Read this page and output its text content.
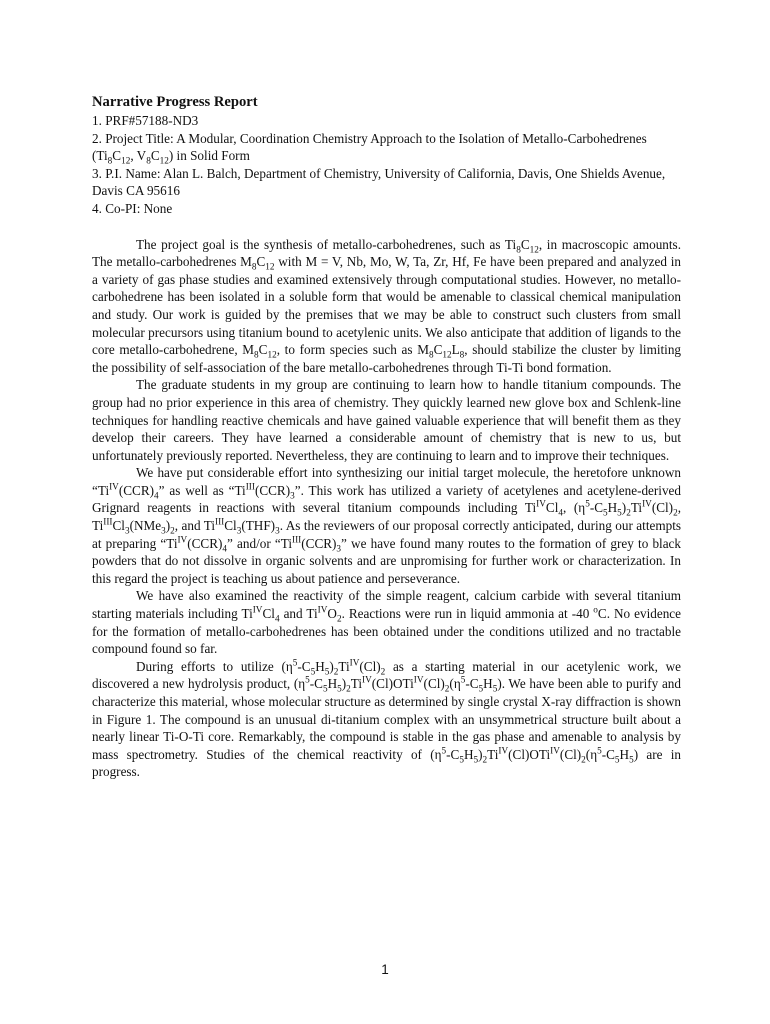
Narrative Progress Report
1. PRF#57188-ND3
2. Project Title: A Modular, Coordination Chemistry Approach to the Isolation of Metallo-Carbohedrenes ($Ti_8C_{12}$, $V_8C_{12}$) in Solid Form
3. P.I. Name: Alan L. Balch, Department of Chemistry, University of California, Davis, One Shields Avenue, Davis CA 95616
4. Co-PI: None

The project goal is the synthesis of metallo-carbohedrenes, such as $Ti_8C_{12}$, in macroscopic amounts. The metallo-carbohedrenes $M_8C_{12}$ with M = V, Nb, Mo, W, Ta, Zr, Hf, Fe have been prepared and analyzed in a variety of gas phase studies and examined extensively through computational studies. However, no metallo-carbohedrene has been isolated in a soluble form that would be amenable to classical chemical manipulation and study. Our work is guided by the premises that we may be able to construct such clusters from small molecular precursors using titanium bound to acetylenic units. We also anticipate that addition of ligands to the core metallo-carbohedrene, $M_8C_{12}$, to form species such as $M_8C_{12}L_8$, should stabilize the cluster by limiting the possibility of self-association of the bare metallo-carbohedrenes through Ti-Ti bond formation.

The graduate students in my group are continuing to learn how to handle titanium compounds. The group had no prior experience in this area of chemistry. They quickly learned new glove box and Schlenk-line techniques for handling reactive chemicals and have gained valuable experience that will benefit them as they develop their careers. They have learned a considerable amount of chemistry that is new to us, but unfortunately previously reported. Nevertheless, they are continuing to learn and to improve their techniques.

We have put considerable effort into synthesizing our initial target molecule, the heretofore unknown “$Ti^{IV}(CCR)_4$” as well as “$Ti^{III}(CCR)_3$”. This work has utilized a variety of acetylenes and acetylene-derived Grignard reagents in reactions with several titanium compounds including $Ti^{IV}Cl_4$, $(\eta^5-C_5H_5)_2Ti^{IV}(Cl)_2$, $Ti^{III}Cl_3(NMe_3)_2$, and $Ti^{III}Cl_3(THF)_3$. As the reviewers of our proposal correctly anticipated, during our attempts at preparing “$Ti^{IV}(CCR)_4$” and/or “$Ti^{III}(CCR)_3$” we have found many routes to the formation of grey to black powders that do not dissolve in organic solvents and are unpromising for further work or characterization. In this regard the project is teaching us about patience and perseverance.

We have also examined the reactivity of the simple reagent, calcium carbide with several titanium starting materials including $Ti^{IV}Cl_4$ and $Ti^{IV}O_2$. Reactions were run in liquid ammonia at -40 $^o$C. No evidence for the formation of metallo-carbohedrenes has been obtained under the conditions utilized and no tractable compound found so far.

During efforts to utilize $(\eta^5-C_5H_5)_2Ti^{IV}(Cl)_2$ as a starting material in our acetylenic work, we discovered a new hydrolysis product, $(\eta^5-C_5H_5)_2Ti^{IV}(Cl)OTi^{IV}(Cl)_2(\eta^5-C_5H_5)$. We have been able to purify and characterize this material, whose molecular structure as determined by single crystal X-ray diffraction is shown in Figure 1. The compound is an unusual di-titanium complex with an unsymmetrical structure built about a nearly linear Ti-O-Ti core. Remarkably, the compound is stable in the gas phase and amenable to analysis by mass spectrometry. Studies of the chemical reactivity of $(\eta^5-C_5H_5)_2Ti^{IV}(Cl)OTi^{IV}(Cl)_2(\eta^5-C_5H_5)$ are in progress.

1
